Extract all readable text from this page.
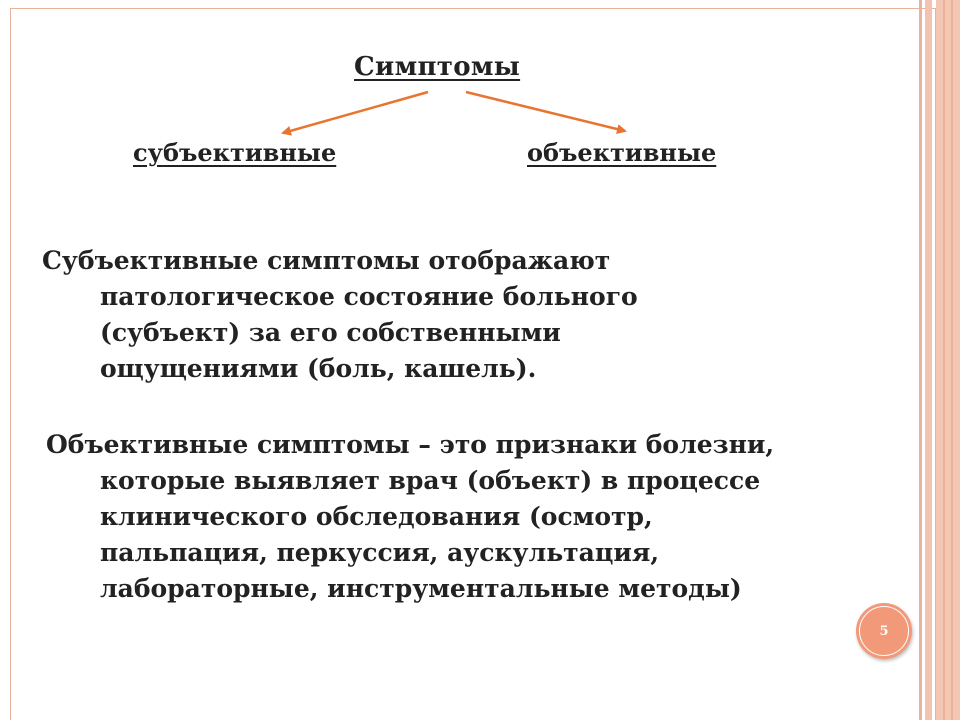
Симптомы
субъективные	объективные

Субъективные симптомы отображают
патологическое состояние больного
(субъект) за его собственными
ощущениями (боль, кашель).

Объективные симптомы – это признаки болезни,
которые выявляет врач (объект) в процессе
клинического обследования (осмотр,
пальпация, перкуссия, аускультация,
лабораторные, инструментальные методы)

5
